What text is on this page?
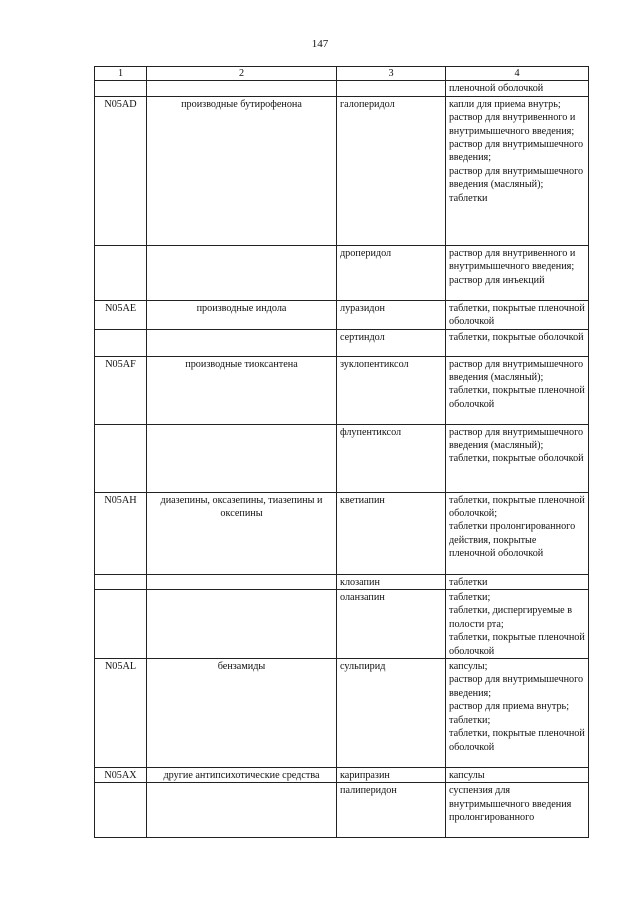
147
1	2	3	4
			пленочной оболочкой
N05AD	производные бутирофенона	галоперидол	капли для приема внутрь;
раствор для внутривенного и внутримышечного введения;
раствор для внутримышечного введения;
раствор для внутримышечного введения (масляный);
таблетки
		дроперидол	раствор для внутривенного и внутримышечного введения;
раствор для инъекций
N05AE	производные индола	луразидон	таблетки, покрытые пленочной оболочкой
		сертиндол	таблетки, покрытые оболочкой
N05AF	производные тиоксантена	зуклопентиксол	раствор для внутримышечного введения (масляный);
таблетки, покрытые пленочной оболочкой
		флупентиксол	раствор для внутримышечного введения (масляный);
таблетки, покрытые оболочкой
N05AH	диазепины, оксазепины, тиазепины и оксепины	кветиапин	таблетки, покрытые пленочной оболочкой;
таблетки пролонгированного действия, покрытые пленочной оболочкой
		клозапин	таблетки
		оланзапин	таблетки;
таблетки, диспергируемые в полости рта;
таблетки, покрытые пленочной оболочкой
N05AL	бензамиды	сульпирид	капсулы;
раствор для внутримышечного введения;
раствор для приема внутрь;
таблетки;
таблетки, покрытые пленочной оболочкой
N05AX	другие антипсихотические средства	карипразин	капсулы
		палиперидон	суспензия для внутримышечного введения пролонгированного
